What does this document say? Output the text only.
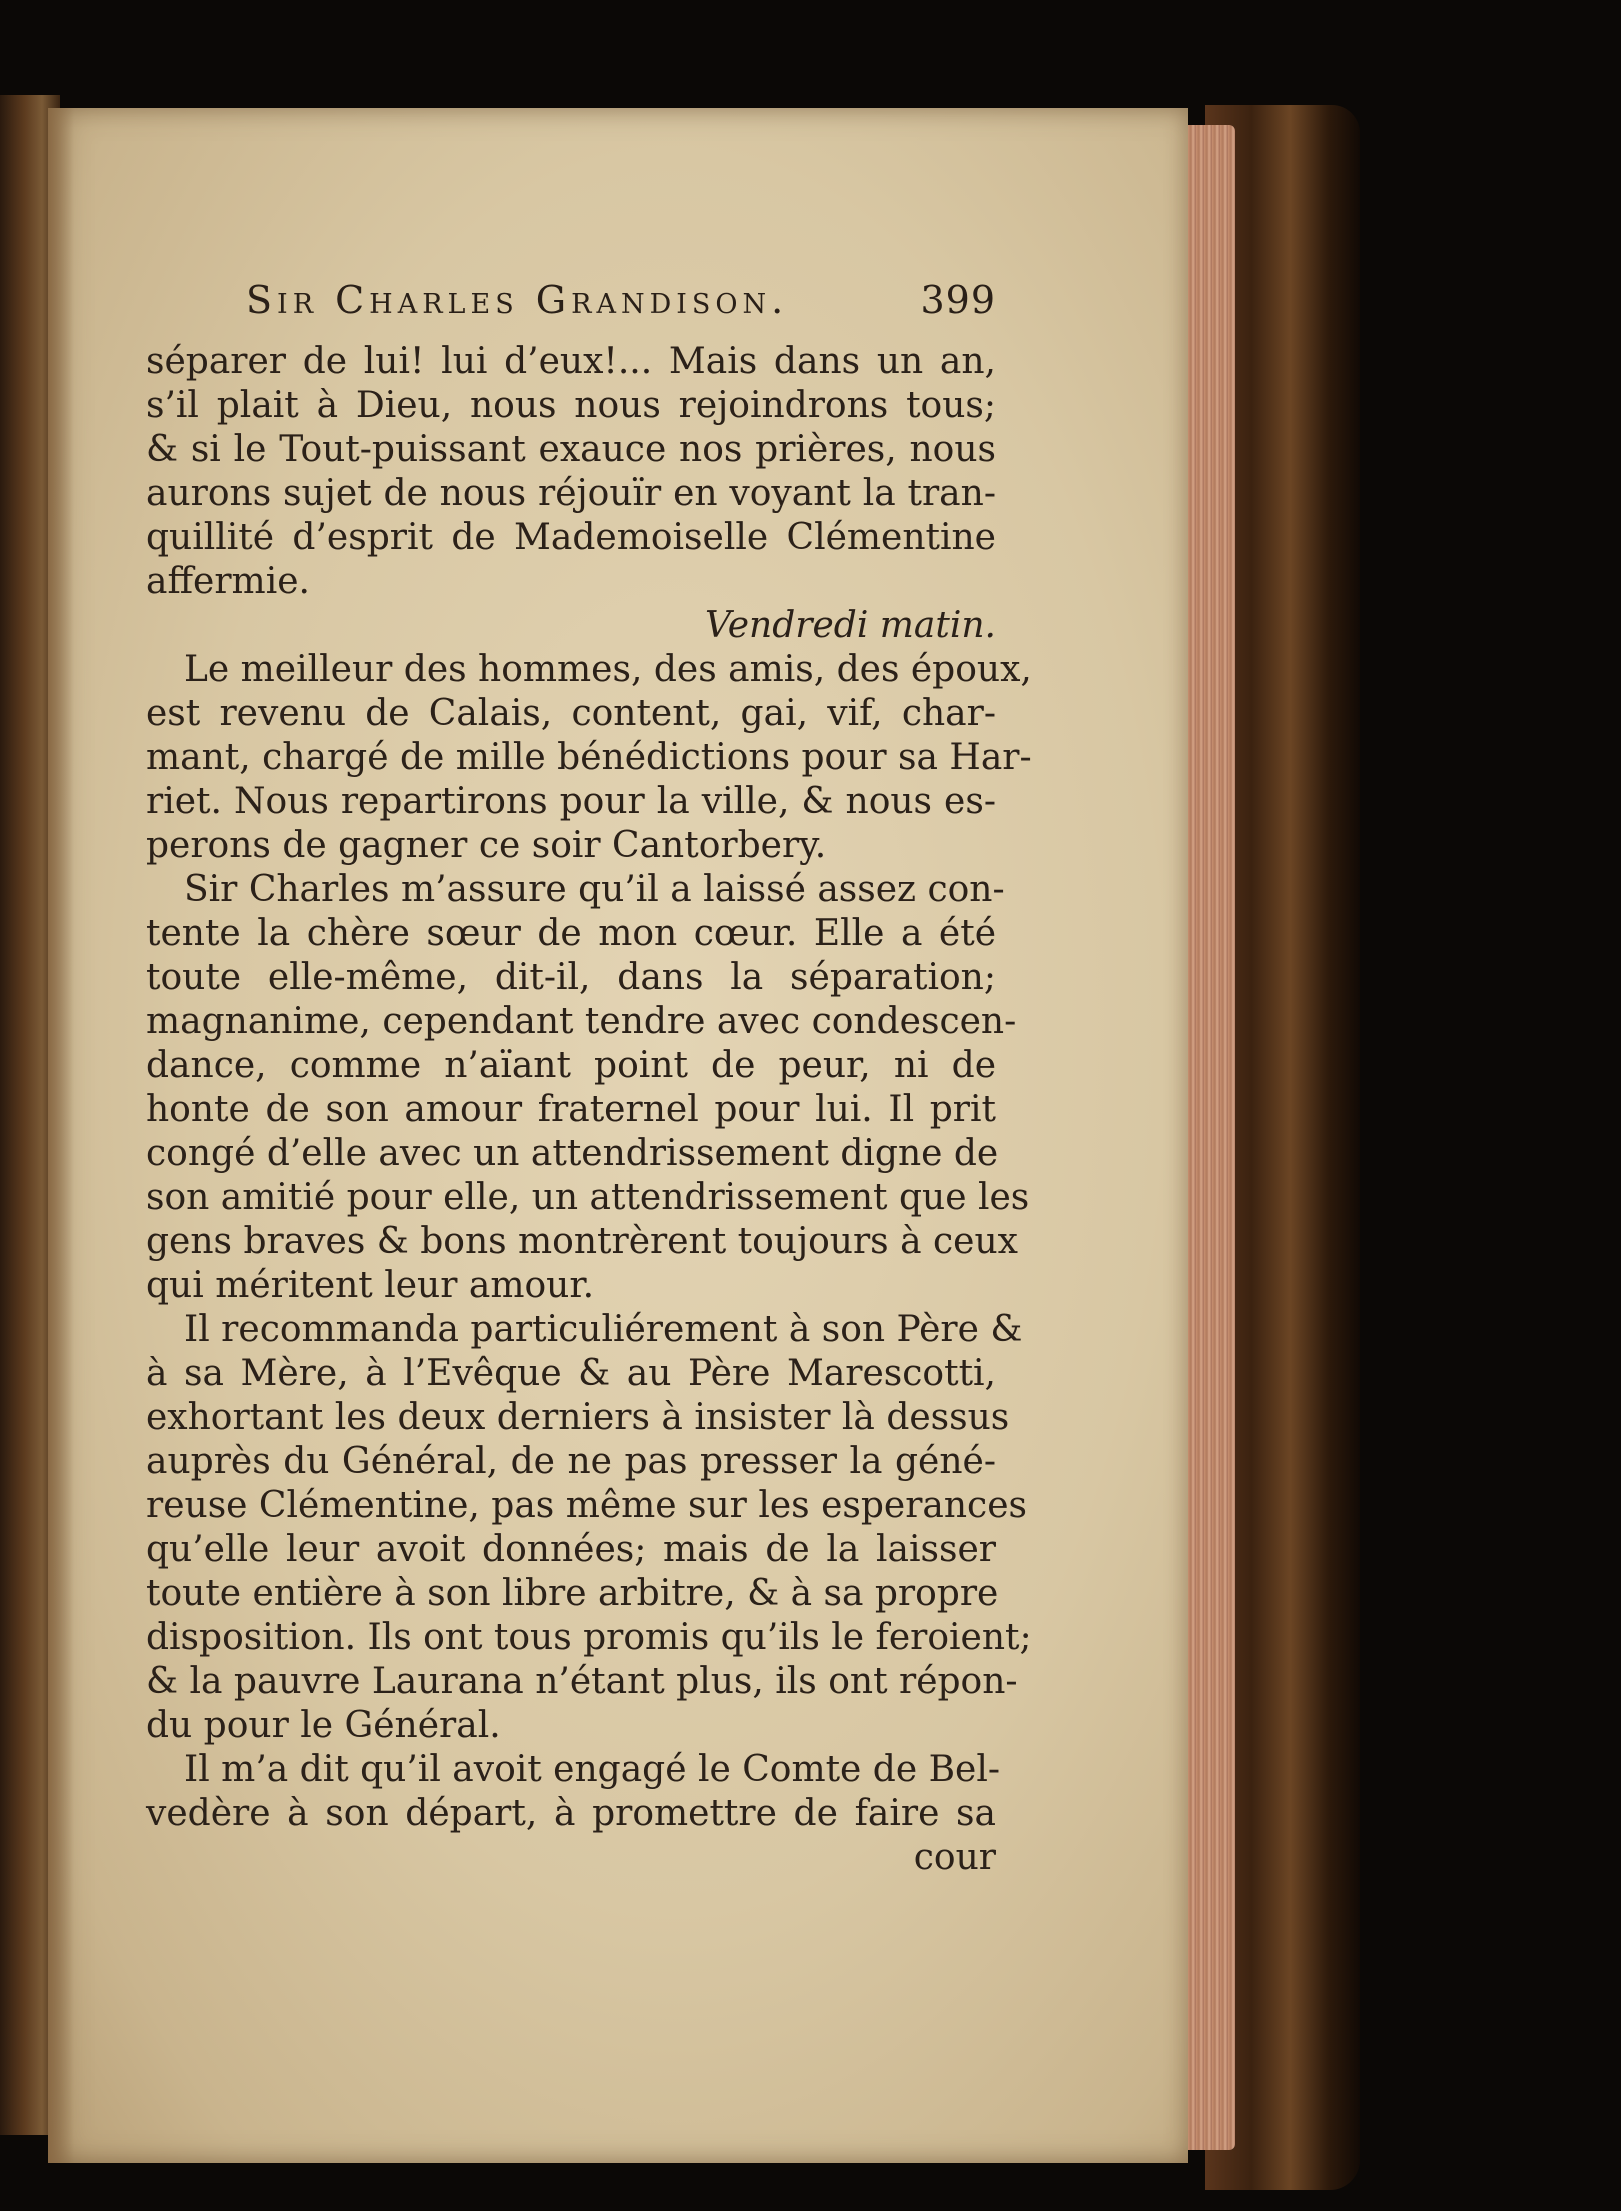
Sir Charles Grandison.	399
séparer de lui! lui d’eux!... Mais dans un an,
s’il plait à Dieu, nous nous rejoindrons tous;
& si le Tout-puissant exauce nos prières, nous
aurons sujet de nous réjouïr en voyant la tran-
quillité d’esprit de Mademoiselle Clémentine
affermie.
Vendredi matin.
Le meilleur des hommes, des amis, des époux,
est revenu de Calais, content, gai, vif, char-
mant, chargé de mille bénédictions pour sa Har-
riet. Nous repartirons pour la ville, & nous es-
perons de gagner ce soir Cantorbery.
Sir Charles m’assure qu’il a laissé assez con-
tente la chère sœur de mon cœur. Elle a été
toute elle-même, dit-il, dans la séparation;
magnanime, cependant tendre avec condescen-
dance, comme n’aïant point de peur, ni de
honte de son amour fraternel pour lui. Il prit
congé d’elle avec un attendrissement digne de
son amitié pour elle, un attendrissement que les
gens braves & bons montrèrent toujours à ceux
qui méritent leur amour.
Il recommanda particuliérement à son Père &
à sa Mère, à l’Evêque & au Père Marescotti,
exhortant les deux derniers à insister là dessus
auprès du Général, de ne pas presser la géné-
reuse Clémentine, pas même sur les esperances
qu’elle leur avoit données; mais de la laisser
toute entière à son libre arbitre, & à sa propre
disposition. Ils ont tous promis qu’ils le feroient;
& la pauvre Laurana n’étant plus, ils ont répon-
du pour le Général.
Il m’a dit qu’il avoit engagé le Comte de Bel-
vedère à son départ, à promettre de faire sa
cour
